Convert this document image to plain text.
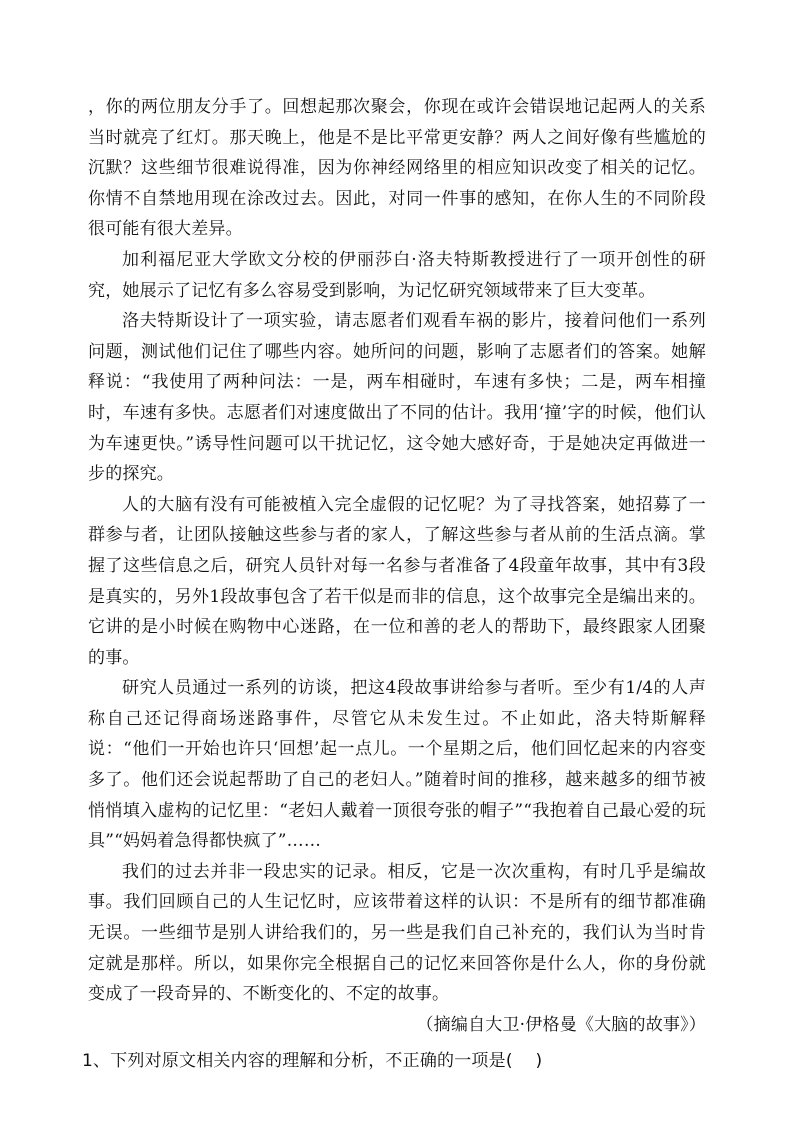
，你的两位朋友分手了。回想起那次聚会，你现在或许会错误地记起两人的关系当时就亮了红灯。那天晚上，他是不是比平常更安静？两人之间好像有些尴尬的沉默？这些细节很难说得准，因为你神经网络里的相应知识改变了相关的记忆。你情不自禁地用现在涂改过去。因此，对同一件事的感知，在你人生的不同阶段很可能有很大差异。

加利福尼亚大学欧文分校的伊丽莎白·洛夫特斯教授进行了一项开创性的研究，她展示了记忆有多么容易受到影响，为记忆研究领域带来了巨大变革。

洛夫特斯设计了一项实验，请志愿者们观看车祸的影片，接着问他们一系列问题，测试他们记住了哪些内容。她所问的问题，影响了志愿者们的答案。她解释说：“我使用了两种问法：一是，两车相碰时，车速有多快；二是，两车相撞时，车速有多快。志愿者们对速度做出了不同的估计。我用‘撞’字的时候，他们认为车速更快。”诱导性问题可以干扰记忆，这令她大感好奇，于是她决定再做进一步的探究。

人的大脑有没有可能被植入完全虚假的记忆呢？为了寻找答案，她招募了一群参与者，让团队接触这些参与者的家人，了解这些参与者从前的生活点滴。掌握了这些信息之后，研究人员针对每一名参与者准备了4段童年故事，其中有3段是真实的，另外1段故事包含了若干似是而非的信息，这个故事完全是编出来的。它讲的是小时候在购物中心迷路，在一位和善的老人的帮助下，最终跟家人团聚的事。

研究人员通过一系列的访谈，把这4段故事讲给参与者听。至少有1/4的人声称自己还记得商场迷路事件，尽管它从未发生过。不止如此，洛夫特斯解释说：“他们一开始也许只‘回想’起一点儿。一个星期之后，他们回忆起来的内容变多了。他们还会说起帮助了自己的老妇人。”随着时间的推移，越来越多的细节被悄悄填入虚构的记忆里：“老妇人戴着一顶很夸张的帽子”“我抱着自己最心爱的玩具”“妈妈着急得都快疯了”……

我们的过去并非一段忠实的记录。相反，它是一次次重构，有时几乎是编故事。我们回顾自己的人生记忆时，应该带着这样的认识：不是所有的细节都准确无误。一些细节是别人讲给我们的，另一些是我们自己补充的，我们认为当时肯定就是那样。所以，如果你完全根据自己的记忆来回答你是什么人，你的身份就变成了一段奇异的、不断变化的、不定的故事。

（摘编自大卫·伊格曼《大脑的故事》）

1、下列对原文相关内容的理解和分析，不正确的一项是(　 )
